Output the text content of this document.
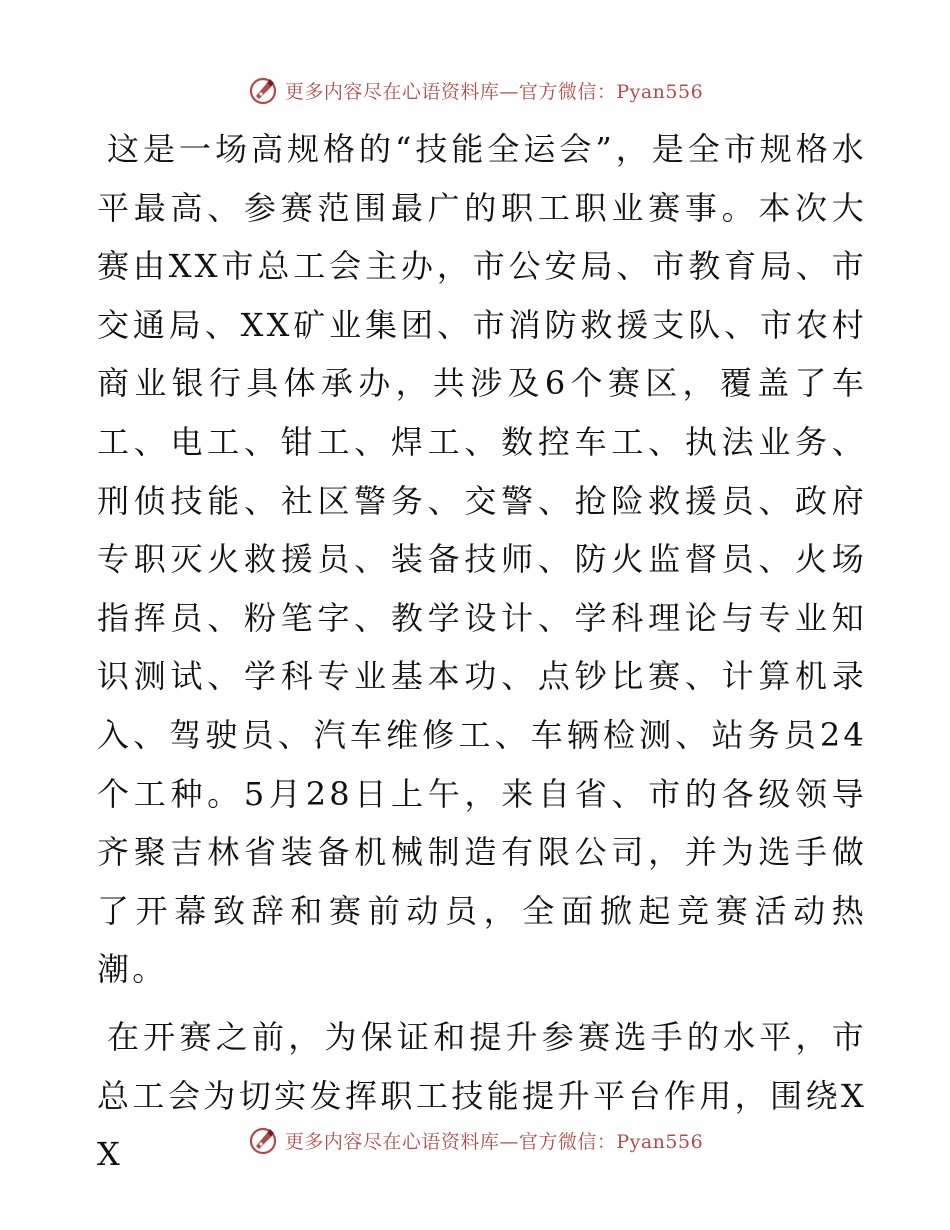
更多内容尽在心语资料库—官方微信：Pyan556

这是一场高规格的“技能全运会”，是全市规格水平最高、参赛范围最广的职工职业赛事。本次大赛由XX市总工会主办，市公安局、市教育局、市交通局、XX矿业集团、市消防救援支队、市农村商业银行具体承办，共涉及6个赛区，覆盖了车工、电工、钳工、焊工、数控车工、执法业务、刑侦技能、社区警务、交警、抢险救援员、政府专职灭火救援员、装备技师、防火监督员、火场指挥员、粉笔字、教学设计、学科理论与专业知识测试、学科专业基本功、点钞比赛、计算机录入、驾驶员、汽车维修工、车辆检测、站务员24个工种。5月28日上午，来自省、市的各级领导齐聚吉林省装备机械制造有限公司，并为选手做了开幕致辞和赛前动员，全面掀起竞赛活动热潮。

在开赛之前，为保证和提升参赛选手的水平，市总工会为切实发挥职工技能提升平台作用，围绕XX	更多内容尽在心语资料库—官方微信：Pyan556
